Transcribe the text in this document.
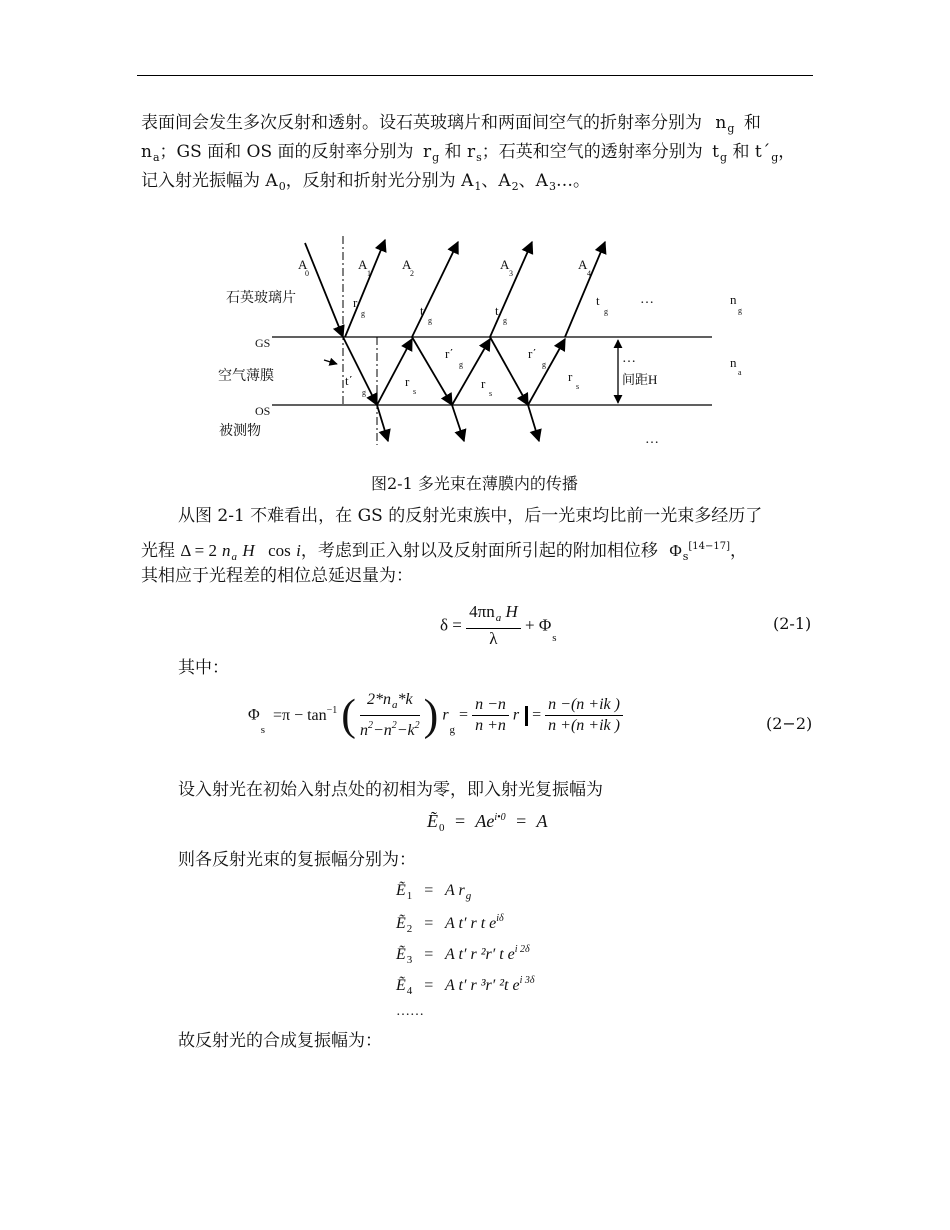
表面间会发生多次反射和透射。设石英玻璃片和两面间空气的折射率分别为 $n_g$ 和
$n_a$；GS 面和 OS 面的反射率分别为 $r_g$ 和 $r_s$；石英和空气的透射率分别为 $t_g$ 和 $t΄_g$，
记入射光振幅为 $A_0$，反射和折射光分别为 $A_1$、$A_2$、$A_3\dots$。
A
0
A
1
A
2
A
3
A
4
r
g	t
g
t
g
t
g
…
t΄
g
r
s
r΄
g
r
s
r΄
g
r
s
…
…
n
g
n
a
石英玻璃片
GS
空气薄膜
OS
被测物
间距H
图2-1 多光束在薄膜内的传播
从图 2-1 不难看出，在 GS 的反射光束族中，后一光束均比前一光束多经历了
光程 Δ = 2 $n_a$ H cos i，考虑到正入射以及反射面所引起的附加相位移 $\Phi_s[14-17]$，
其相应于光程差的相位总延迟量为：
$\delta = \frac{4\pi n_a H}{\lambda} + \Phi_s$
(2-1)
其中：
$\Phi_s =\pi - \tan^{-1}$ ( $\frac{2*n_a*k}{n^2-n^2-k^2}$ ) $r_g = \frac{n -n}{n +n}$ $r = \frac{n -(n +ik )}{n +(n +ik )}$	(2−2)
设入射光在初始入射点处的初相为零，即入射光复振幅为
Ẽ$_0$ = $Ae^{i•0} = A$
则各反射光束的复振幅分别为：
Ẽ$_1$ = A $r_g$
Ẽ$_2$ = A t′ r t $e^{i\delta}$
Ẽ$_3$ = A t′ r ²r′ t $e^{i 2\delta}$
Ẽ$_4$ = A t′ r ³r′ ²t $e^{i 3\delta}$
……
故反射光的合成复振幅为：
